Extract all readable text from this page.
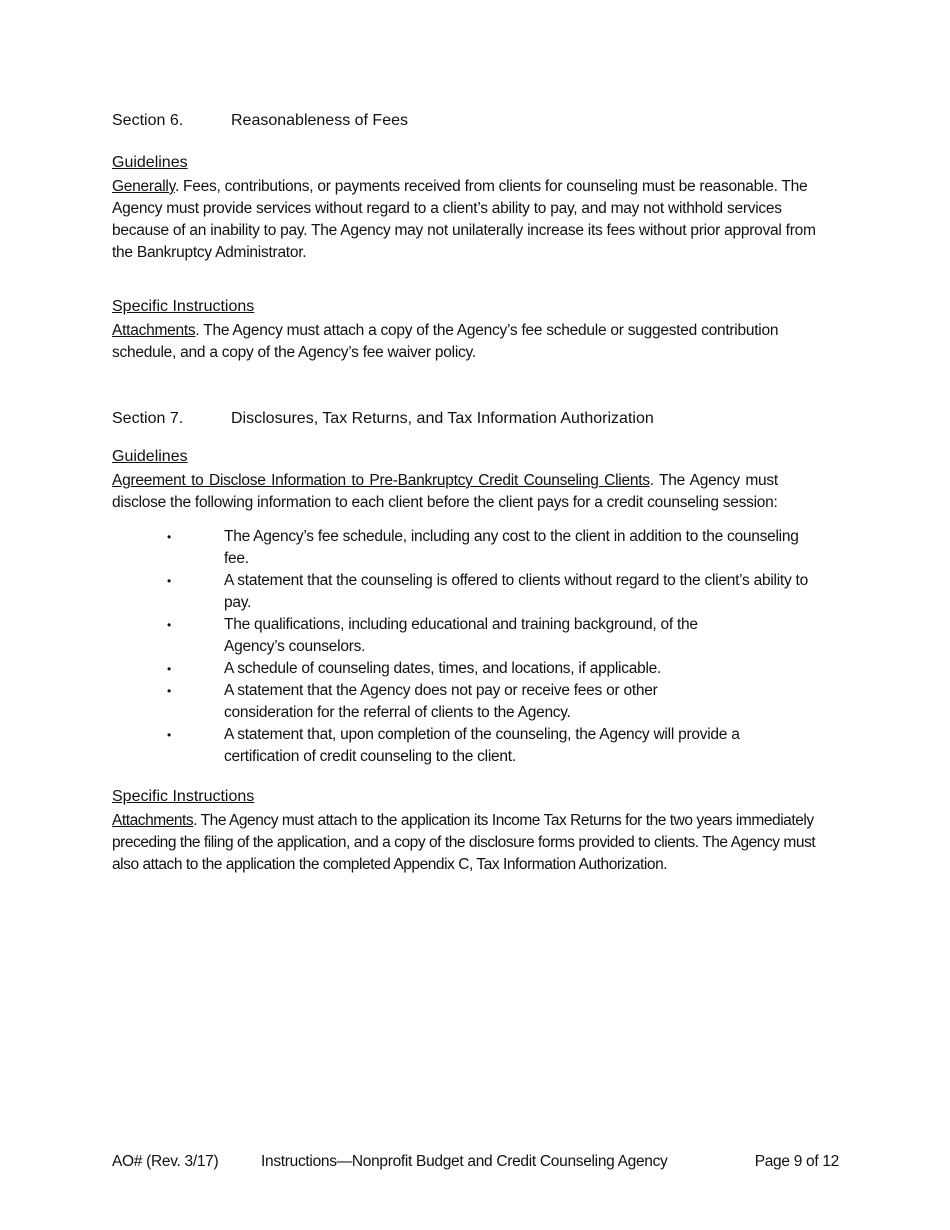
Section 6.	Reasonableness of Fees

Guidelines

Generally. Fees, contributions, or payments received from clients for counseling must be reasonable. The Agency must provide services without regard to a client’s ability to pay, and may not withhold services because of an inability to pay. The Agency may not unilaterally increase its fees without prior approval from the Bankruptcy Administrator.

Specific Instructions

Attachments. The Agency must attach a copy of the Agency’s fee schedule or suggested contribution schedule, and a copy of the Agency’s fee waiver policy.

Section 7.	Disclosures, Tax Returns, and Tax Information Authorization

Guidelines

Agreement to Disclose Information to Pre-Bankruptcy Credit Counseling Clients. The Agency must disclose the following information to each client before the client pays for a credit counseling session:

•	The Agency’s fee schedule, including any cost to the client in addition to the counseling fee.
•	A statement that the counseling is offered to clients without regard to the client’s ability to pay.
•	The qualifications, including educational and training background, of the Agency’s counselors.
•	A schedule of counseling dates, times, and locations, if applicable.
•	A statement that the Agency does not pay or receive fees or other consideration for the referral of clients to the Agency.
•	A statement that, upon completion of the counseling, the Agency will provide a certification of credit counseling to the client.

Specific Instructions

Attachments. The Agency must attach to the application its Income Tax Returns for the two years immediately preceding the filing of the application, and a copy of the disclosure forms provided to clients. The Agency must also attach to the application the completed Appendix C, Tax Information Authorization.

AO# (Rev. 3/17)	Instructions—Nonprofit Budget and Credit Counseling Agency	Page 9 of 12
